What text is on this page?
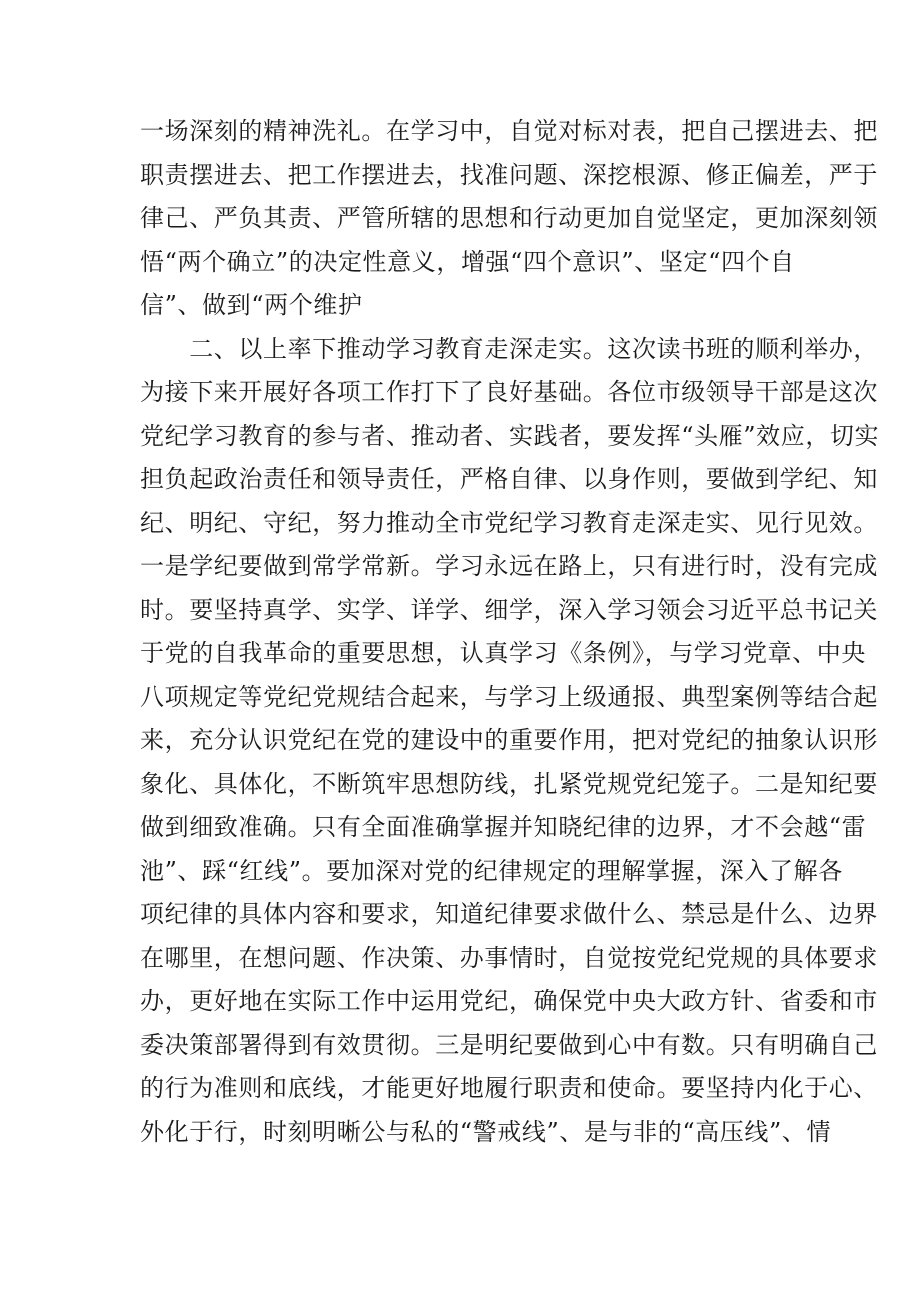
一场深刻的精神洗礼。在学习中，自觉对标对表，把自己摆进去、把
职责摆进去、把工作摆进去，找准问题、深挖根源、修正偏差，严于
律己、严负其责、严管所辖的思想和行动更加自觉坚定，更加深刻领
悟“两个确立”的决定性意义，增强“四个意识”、坚定“四个自
信”、做到“两个维护
　　二、以上率下推动学习教育走深走实。这次读书班的顺利举办，
为接下来开展好各项工作打下了良好基础。各位市级领导干部是这次
党纪学习教育的参与者、推动者、实践者，要发挥“头雁”效应，切实
担负起政治责任和领导责任，严格自律、以身作则，要做到学纪、知
纪、明纪、守纪，努力推动全市党纪学习教育走深走实、见行见效。
一是学纪要做到常学常新。学习永远在路上，只有进行时，没有完成
时。要坚持真学、实学、详学、细学，深入学习领会习近平总书记关
于党的自我革命的重要思想，认真学习《条例》，与学习党章、中央
八项规定等党纪党规结合起来，与学习上级通报、典型案例等结合起
来，充分认识党纪在党的建设中的重要作用，把对党纪的抽象认识形
象化、具体化，不断筑牢思想防线，扎紧党规党纪笼子。二是知纪要
做到细致准确。只有全面准确掌握并知晓纪律的边界，才不会越“雷
池”、踩“红线”。要加深对党的纪律规定的理解掌握，深入了解各
项纪律的具体内容和要求，知道纪律要求做什么、禁忌是什么、边界
在哪里，在想问题、作决策、办事情时，自觉按党纪党规的具体要求
办，更好地在实际工作中运用党纪，确保党中央大政方针、省委和市
委决策部署得到有效贯彻。三是明纪要做到心中有数。只有明确自己
的行为准则和底线，才能更好地履行职责和使命。要坚持内化于心、
外化于行，时刻明晰公与私的“警戒线”、是与非的“高压线”、情
